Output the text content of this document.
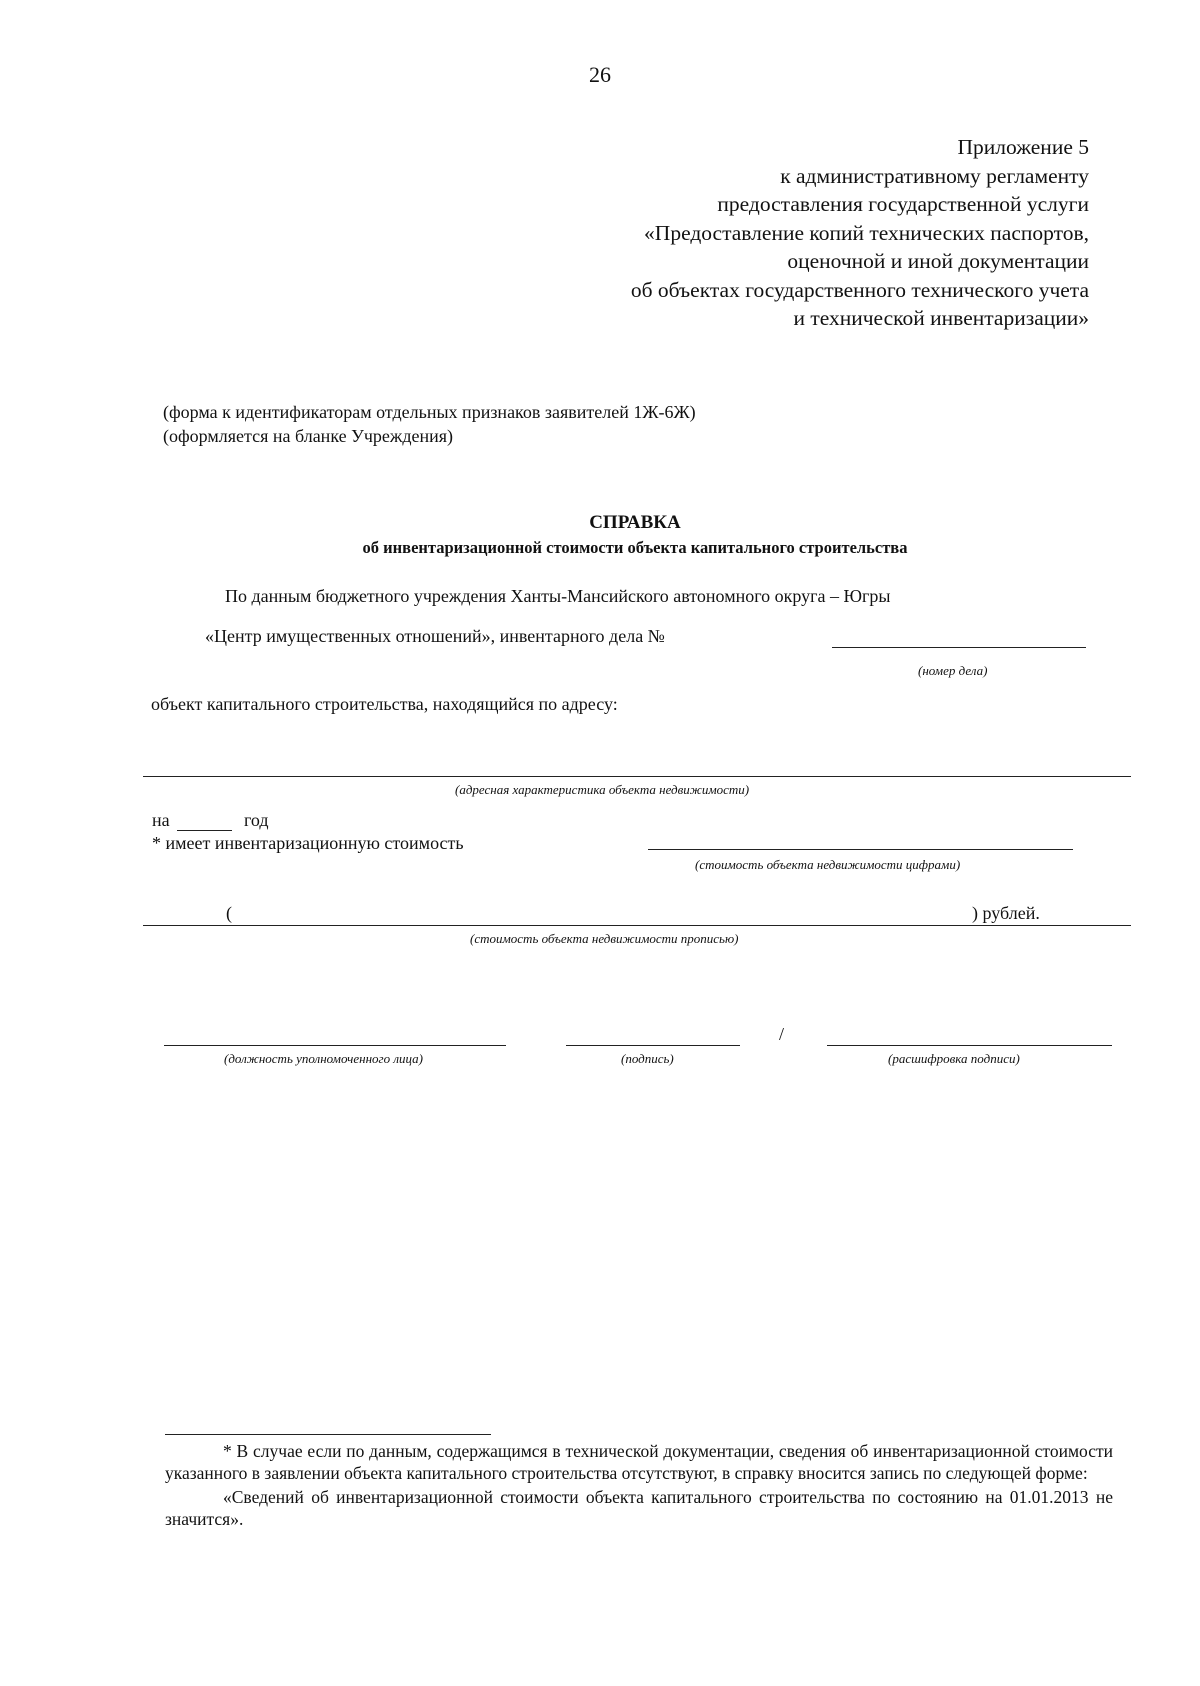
26
Приложение 5
к административному регламенту
предоставления государственной услуги
«Предоставление копий технических паспортов,
оценочной и иной документации
об объектах государственного технического учета
и технической инвентаризации»
(форма к идентификаторам отдельных признаков заявителей 1Ж-6Ж)
(оформляется на бланке Учреждения)
СПРАВКА
об инвентаризационной стоимости объекта капитального строительства
По данным бюджетного учреждения Ханты-Мансийского автономного округа – Югры
«Центр имущественных отношений», инвентарного дела №
(номер дела)
объект капитального строительства, находящийся по адресу:
(адресная характеристика объекта недвижимости)
на	год
* имеет инвентаризационную стоимость
(стоимость объекта недвижимости цифрами)
(	) рублей.
(стоимость объекта недвижимости прописью)
/
(должность уполномоченного лица)	(подпись)	(расшифровка подписи)

* В случае если по данным, содержащимся в технической документации, сведения об инвентаризационной стоимости указанного в заявлении объекта капитального строительства отсутствуют, в справку вносится запись по следующей форме:

«Сведений об инвентаризационной стоимости объекта капитального строительства по состоянию на 01.01.2013 не значится».
